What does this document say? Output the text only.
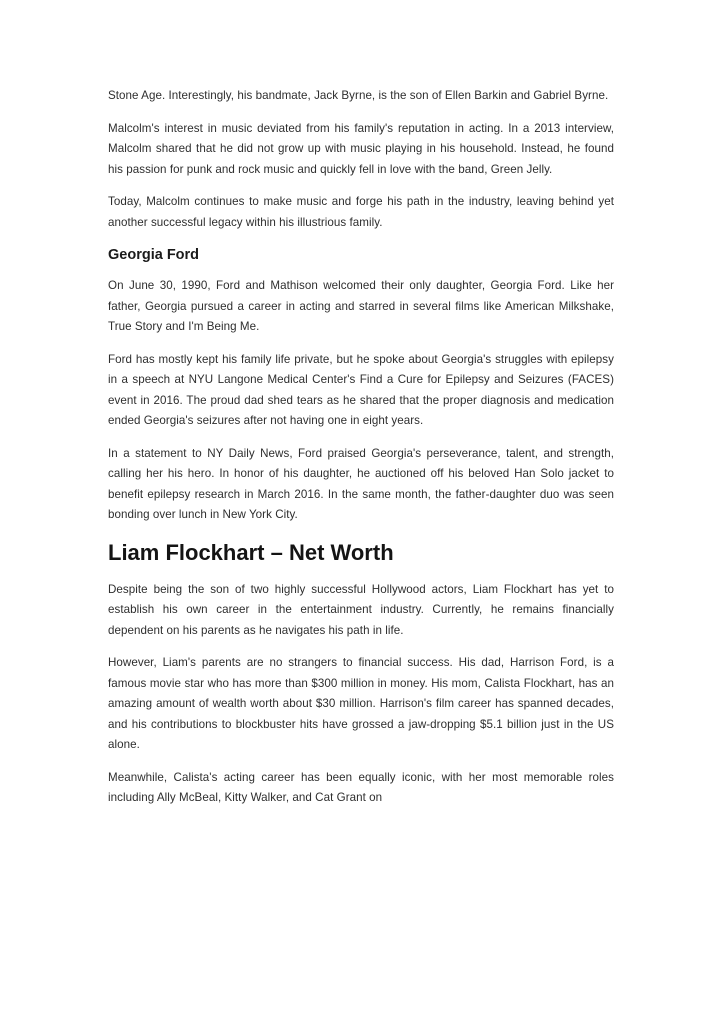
Stone Age. Interestingly, his bandmate, Jack Byrne, is the son of Ellen Barkin and Gabriel Byrne.

Malcolm's interest in music deviated from his family's reputation in acting. In a 2013 interview, Malcolm shared that he did not grow up with music playing in his household. Instead, he found his passion for punk and rock music and quickly fell in love with the band, Green Jelly.

Today, Malcolm continues to make music and forge his path in the industry, leaving behind yet another successful legacy within his illustrious family.

Georgia Ford

On June 30, 1990, Ford and Mathison welcomed their only daughter, Georgia Ford. Like her father, Georgia pursued a career in acting and starred in several films like American Milkshake, True Story and I'm Being Me.

Ford has mostly kept his family life private, but he spoke about Georgia's struggles with epilepsy in a speech at NYU Langone Medical Center's Find a Cure for Epilepsy and Seizures (FACES) event in 2016. The proud dad shed tears as he shared that the proper diagnosis and medication ended Georgia's seizures after not having one in eight years.

In a statement to NY Daily News, Ford praised Georgia's perseverance, talent, and strength, calling her his hero. In honor of his daughter, he auctioned off his beloved Han Solo jacket to benefit epilepsy research in March 2016. In the same month, the father-daughter duo was seen bonding over lunch in New York City.

Liam Flockhart – Net Worth

Despite being the son of two highly successful Hollywood actors, Liam Flockhart has yet to establish his own career in the entertainment industry. Currently, he remains financially dependent on his parents as he navigates his path in life.

However, Liam's parents are no strangers to financial success. His dad, Harrison Ford, is a famous movie star who has more than $300 million in money. His mom, Calista Flockhart, has an amazing amount of wealth worth about $30 million. Harrison's film career has spanned decades, and his contributions to blockbuster hits have grossed a jaw-dropping $5.1 billion just in the US alone.

Meanwhile, Calista's acting career has been equally iconic, with her most memorable roles including Ally McBeal, Kitty Walker, and Cat Grant on
